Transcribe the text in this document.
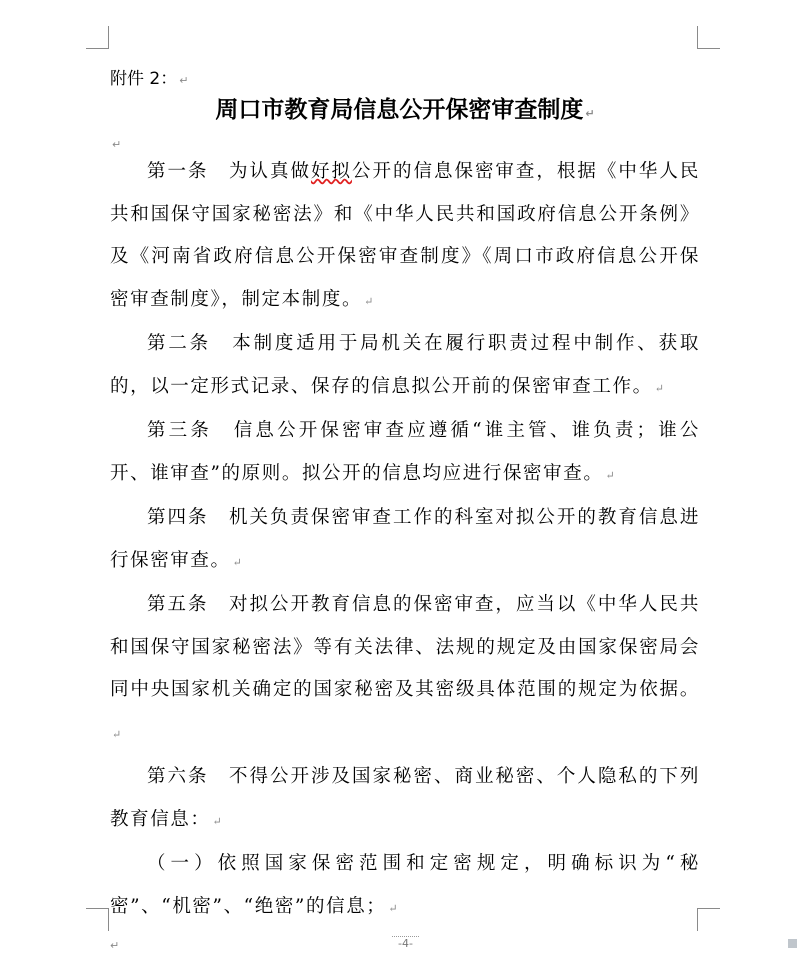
附件 2： ↵
周口市教育局信息公开保密审查制度 ↵
↵

第一条　为认真做好拟公开的信息保密审查，根据《中华人民共和国保守国家秘密法》和《中华人民共和国政府信息公开条例》及《河南省政府信息公开保密审查制度》《周口市政府信息公开保密审查制度》，制定本制度。 ↵

第二条　本制度适用于局机关在履行职责过程中制作、获取的，以一定形式记录、保存的信息拟公开前的保密审查工作。 ↵

第三条　信息公开保密审查应遵循“谁主管、谁负责；谁公开、谁审查”的原则。拟公开的信息均应进行保密审查。 ↵

第四条　机关负责保密审查工作的科室对拟公开的教育信息进行保密审查。 ↵

第五条　对拟公开教育信息的保密审查，应当以《中华人民共和国保守国家秘密法》等有关法律、法规的规定及由国家保密局会同中央国家机关确定的国家秘密及其密级具体范围的规定为依据。↵

第六条　不得公开涉及国家秘密、商业秘密、个人隐私的下列教育信息： ↵

（一）依照国家保密范围和定密规定，明确标识为“秘密”、“机密”、“绝密”的信息； ↵

↵	-4-
